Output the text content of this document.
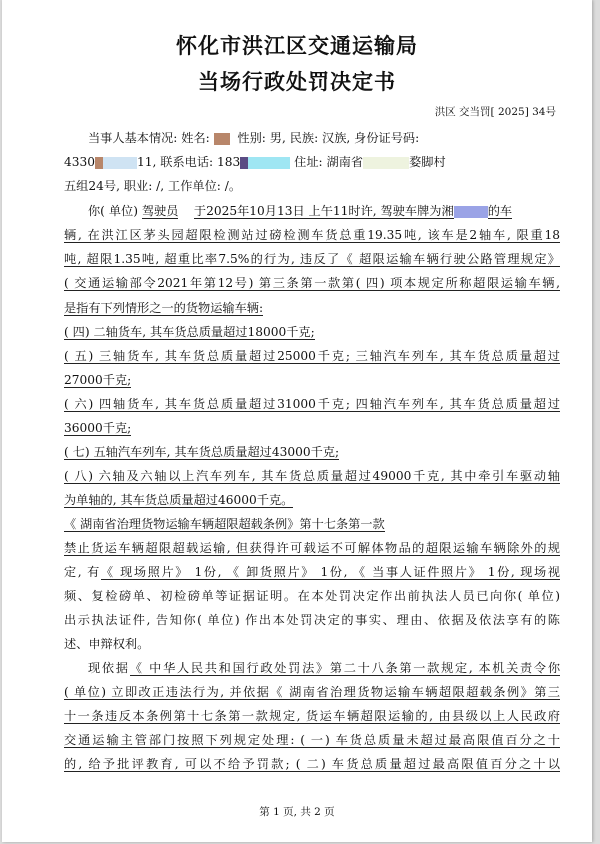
怀化市洪江区交通运输局
当场行政处罚决定书
洪区 交当罚[ 2025] 34号
当事人基本情况: 姓名:   性别: 男, 民族: 汉族, 身份证号码:
4330	11, 联系电话: 183	住址: 湖南省	婺脚村
五组24号, 职业: /, 工作单位: /。
你( 单位) 驾驶员 于2025年10月13日 上午11时许, 驾驶车牌为湘	的车
辆, 在洪江区茅头园超限检测站过磅检测车货总重19.35吨, 该车是2轴车, 限重18
吨, 超限1.35吨, 超重比率7.5%的行为, 违反了《 超限运输车辆行驶公路管理规定》
( 交通运输部令2021年第12号) 第三条第一款第( 四) 项本规定所称超限运输车辆,
是指有下列情形之一的货物运输车辆:
( 四) 二轴货车, 其车货总质量超过18000千克;
( 五) 三轴货车, 其车货总质量超过25000千克; 三轴汽车列车, 其车货总质量超过
27000千克;
( 六) 四轴货车, 其车货总质量超过31000千克; 四轴汽车列车, 其车货总质量超过
36000千克;
( 七) 五轴汽车列车, 其车货总质量超过43000千克;
( 八) 六轴及六轴以上汽车列车, 其车货总质量超过49000千克, 其中牵引车驱动轴
为单轴的, 其车货总质量超过46000千克。
《 湖南省治理货物运输车辆超限超载条例》第十七条第一款
禁止货运车辆超限超载运输, 但获得许可载运不可解体物品的超限运输车辆除外的规
定, 有《 现场照片》 1份, 《 卸货照片》 1份, 《 当事人证件照片》 1份, 现场视
频、复检磅单、初检磅单等证据证明。在本处罚决定作出前执法人员已向你( 单位)
出示执法证件, 告知你( 单位) 作出本处罚决定的事实、理由、依据及依法享有的陈
述、申辩权利。
现依据《 中华人民共和国行政处罚法》第二十八条第一款规定, 本机关责令你
( 单位) 立即改正违法行为, 并依据《 湖南省治理货物运输车辆超限超载条例》第三
十一条违反本条例第十七条第一款规定, 货运车辆超限运输的, 由县级以上人民政府
交通运输主管部门按照下列规定处理: ( 一) 车货总质量未超过最高限值百分之十
的, 给予批评教育, 可以不给予罚款; ( 二) 车货总质量超过最高限值百分之十以
第 1 页, 共 2 页
